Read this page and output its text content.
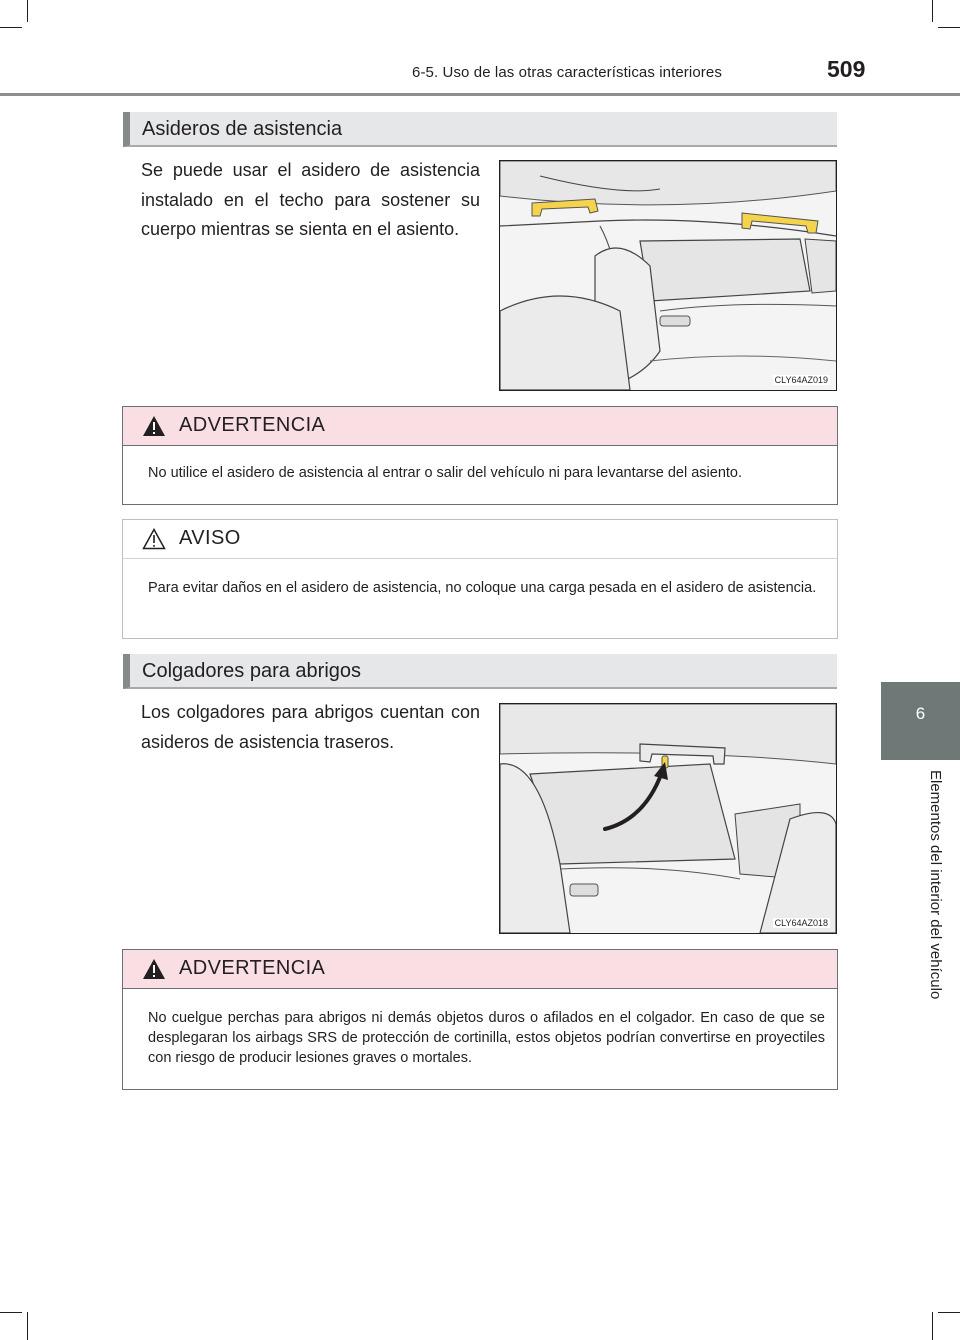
6-5. Uso de las otras características interiores	509
6
Elementos del interior del vehículo
Asideros de asistencia
Se puede usar el asidero de asistencia instalado en el techo para sostener su cuerpo mientras se sienta en el asiento.
CLY64AZ019
ADVERTENCIA
No utilice el asidero de asistencia al entrar o salir del vehículo ni para levantarse del asiento.
AVISO
Para evitar daños en el asidero de asistencia, no coloque una carga pesada en el asidero de asistencia.
Colgadores para abrigos
Los colgadores para abrigos cuentan con asideros de asistencia traseros.
CLY64AZ018
ADVERTENCIA
No cuelgue perchas para abrigos ni demás objetos duros o afilados en el colgador. En caso de que se desplegaran los airbags SRS de protección de cortinilla, estos objetos podrían convertirse en proyectiles con riesgo de producir lesiones graves o mortales.
